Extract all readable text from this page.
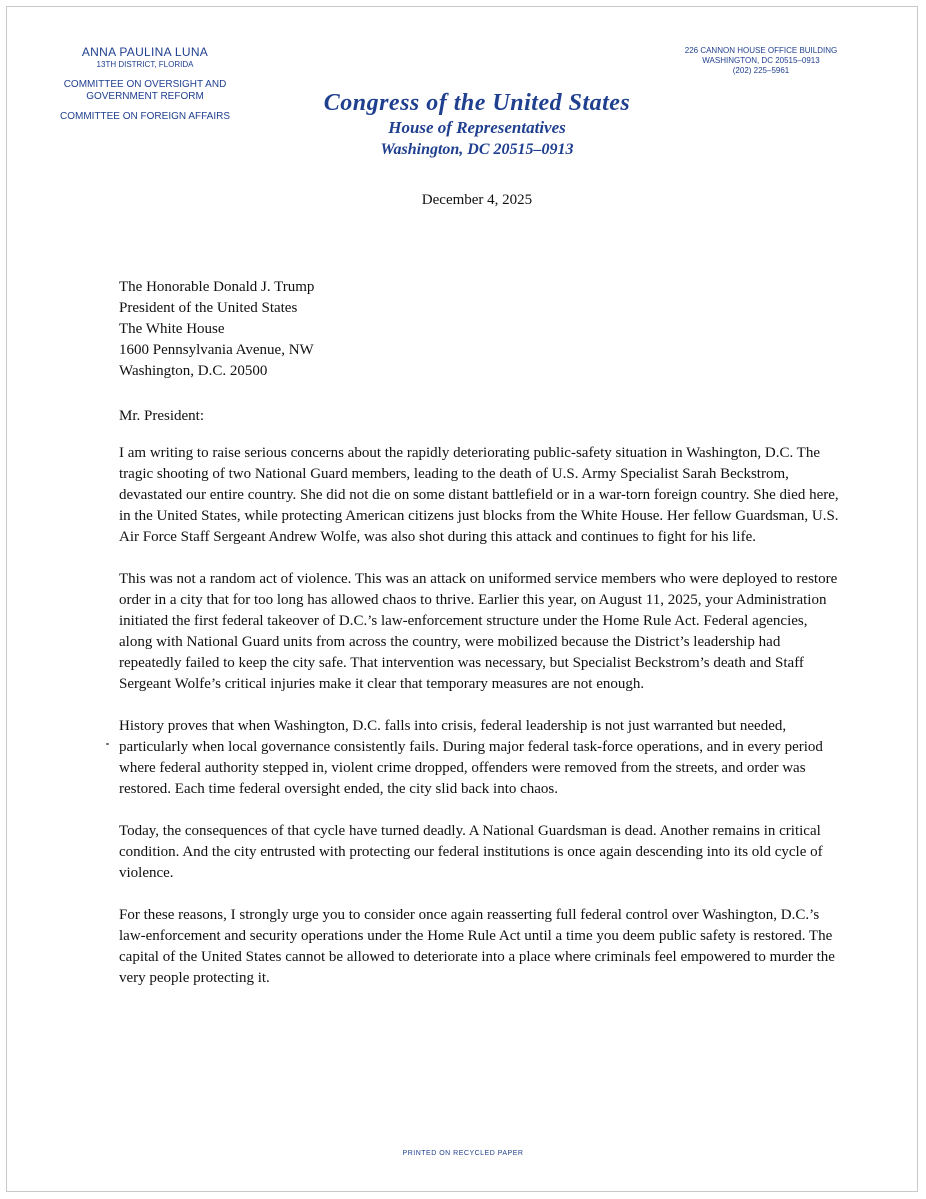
ANNA PAULINA LUNA
13TH DISTRICT, FLORIDA
COMMITTEE ON OVERSIGHT AND GOVERNMENT REFORM
COMMITTEE ON FOREIGN AFFAIRS
226 CANNON HOUSE OFFICE BUILDING
WASHINGTON, DC 20515–0913
(202) 225–5961
Congress of the United States
House of Representatives
Washington, DC 20515–0913
December 4, 2025
The Honorable Donald J. Trump
President of the United States
The White House
1600 Pennsylvania Avenue, NW
Washington, D.C. 20500
Mr. President:

I am writing to raise serious concerns about the rapidly deteriorating public-safety situation in Washington, D.C. The tragic shooting of two National Guard members, leading to the death of U.S. Army Specialist Sarah Beckstrom, devastated our entire country. She did not die on some distant battlefield or in a war-torn foreign country. She died here, in the United States, while protecting American citizens just blocks from the White House. Her fellow Guardsman, U.S. Air Force Staff Sergeant Andrew Wolfe, was also shot during this attack and continues to fight for his life.

This was not a random act of violence. This was an attack on uniformed service members who were deployed to restore order in a city that for too long has allowed chaos to thrive. Earlier this year, on August 11, 2025, your Administration initiated the first federal takeover of D.C.’s law-enforcement structure under the Home Rule Act. Federal agencies, along with National Guard units from across the country, were mobilized because the District’s leadership had repeatedly failed to keep the city safe. That intervention was necessary, but Specialist Beckstrom’s death and Staff Sergeant Wolfe’s critical injuries make it clear that temporary measures are not enough.

History proves that when Washington, D.C. falls into crisis, federal leadership is not just warranted but needed, particularly when local governance consistently fails. During major federal task-force operations, and in every period where federal authority stepped in, violent crime dropped, offenders were removed from the streets, and order was restored. Each time federal oversight ended, the city slid back into chaos.

Today, the consequences of that cycle have turned deadly. A National Guardsman is dead. Another remains in critical condition. And the city entrusted with protecting our federal institutions is once again descending into its old cycle of violence.

For these reasons, I strongly urge you to consider once again reasserting full federal control over Washington, D.C.’s law-enforcement and security operations under the Home Rule Act until a time you deem public safety is restored. The capital of the United States cannot be allowed to deteriorate into a place where criminals feel empowered to murder the very people protecting it.

PRINTED ON RECYCLED PAPER
